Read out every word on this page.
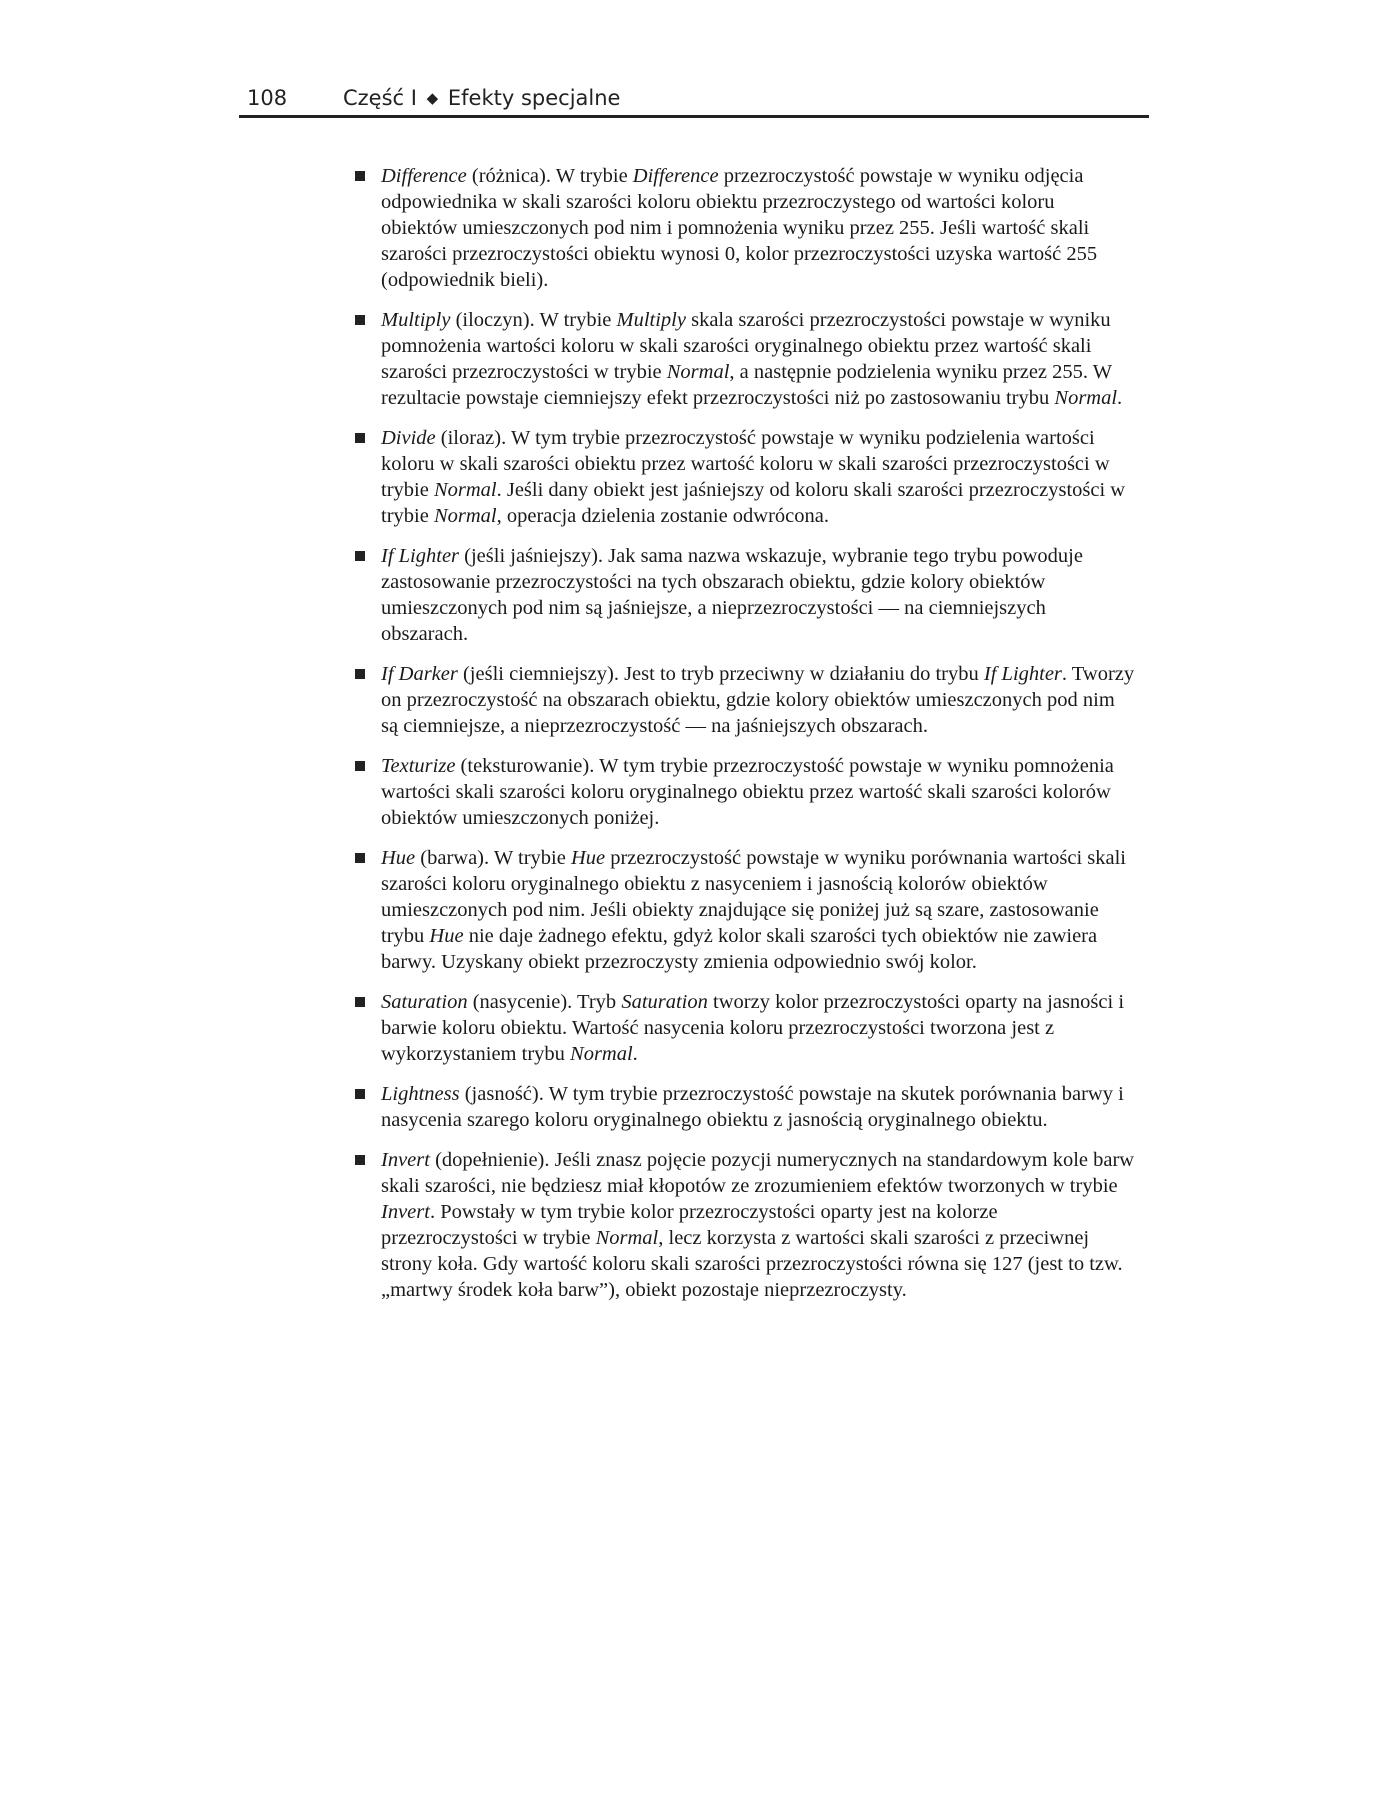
108	Część I ◆ Efekty specjalne
Difference (różnica). W trybie Difference przezroczystość powstaje w wyniku odjęcia odpowiednika w skali szarości koloru obiektu przezroczystego od wartości koloru obiektów umieszczonych pod nim i pomnożenia wyniku przez 255. Jeśli wartość skali szarości przezroczystości obiektu wynosi 0, kolor przezroczystości uzyska wartość 255 (odpowiednik bieli).
Multiply (iloczyn). W trybie Multiply skala szarości przezroczystości powstaje w wyniku pomnożenia wartości koloru w skali szarości oryginalnego obiektu przez wartość skali szarości przezroczystości w trybie Normal, a następnie podzielenia wyniku przez 255. W rezultacie powstaje ciemniejszy efekt przezroczystości niż po zastosowaniu trybu Normal.
Divide (iloraz). W tym trybie przezroczystość powstaje w wyniku podzielenia wartości koloru w skali szarości obiektu przez wartość koloru w skali szarości przezroczystości w trybie Normal. Jeśli dany obiekt jest jaśniejszy od koloru skali szarości przezroczystości w trybie Normal, operacja dzielenia zostanie odwrócona.
If Lighter (jeśli jaśniejszy). Jak sama nazwa wskazuje, wybranie tego trybu powoduje zastosowanie przezroczystości na tych obszarach obiektu, gdzie kolory obiektów umieszczonych pod nim są jaśniejsze, a nieprzezroczystości — na ciemniejszych obszarach.
If Darker (jeśli ciemniejszy). Jest to tryb przeciwny w działaniu do trybu If Lighter. Tworzy on przezroczystość na obszarach obiektu, gdzie kolory obiektów umieszczonych pod nim są ciemniejsze, a nieprzezroczystość — na jaśniejszych obszarach.
Texturize (teksturowanie). W tym trybie przezroczystość powstaje w wyniku pomnożenia wartości skali szarości koloru oryginalnego obiektu przez wartość skali szarości kolorów obiektów umieszczonych poniżej.
Hue (barwa). W trybie Hue przezroczystość powstaje w wyniku porównania wartości skali szarości koloru oryginalnego obiektu z nasyceniem i jasnością kolorów obiektów umieszczonych pod nim. Jeśli obiekty znajdujące się poniżej już są szare, zastosowanie trybu Hue nie daje żadnego efektu, gdyż kolor skali szarości tych obiektów nie zawiera barwy. Uzyskany obiekt przezroczysty zmienia odpowiednio swój kolor.
Saturation (nasycenie). Tryb Saturation tworzy kolor przezroczystości oparty na jasności i barwie koloru obiektu. Wartość nasycenia koloru przezroczystości tworzona jest z wykorzystaniem trybu Normal.
Lightness (jasność). W tym trybie przezroczystość powstaje na skutek porównania barwy i nasycenia szarego koloru oryginalnego obiektu z jasnością oryginalnego obiektu.
Invert (dopełnienie). Jeśli znasz pojęcie pozycji numerycznych na standardowym kole barw skali szarości, nie będziesz miał kłopotów ze zrozumieniem efektów tworzonych w trybie Invert. Powstały w tym trybie kolor przezroczystości oparty jest na kolorze przezroczystości w trybie Normal, lecz korzysta z wartości skali szarości z przeciwnej strony koła. Gdy wartość koloru skali szarości przezroczystości równa się 127 (jest to tzw. „martwy środek koła barw”), obiekt pozostaje nieprzezroczysty.
